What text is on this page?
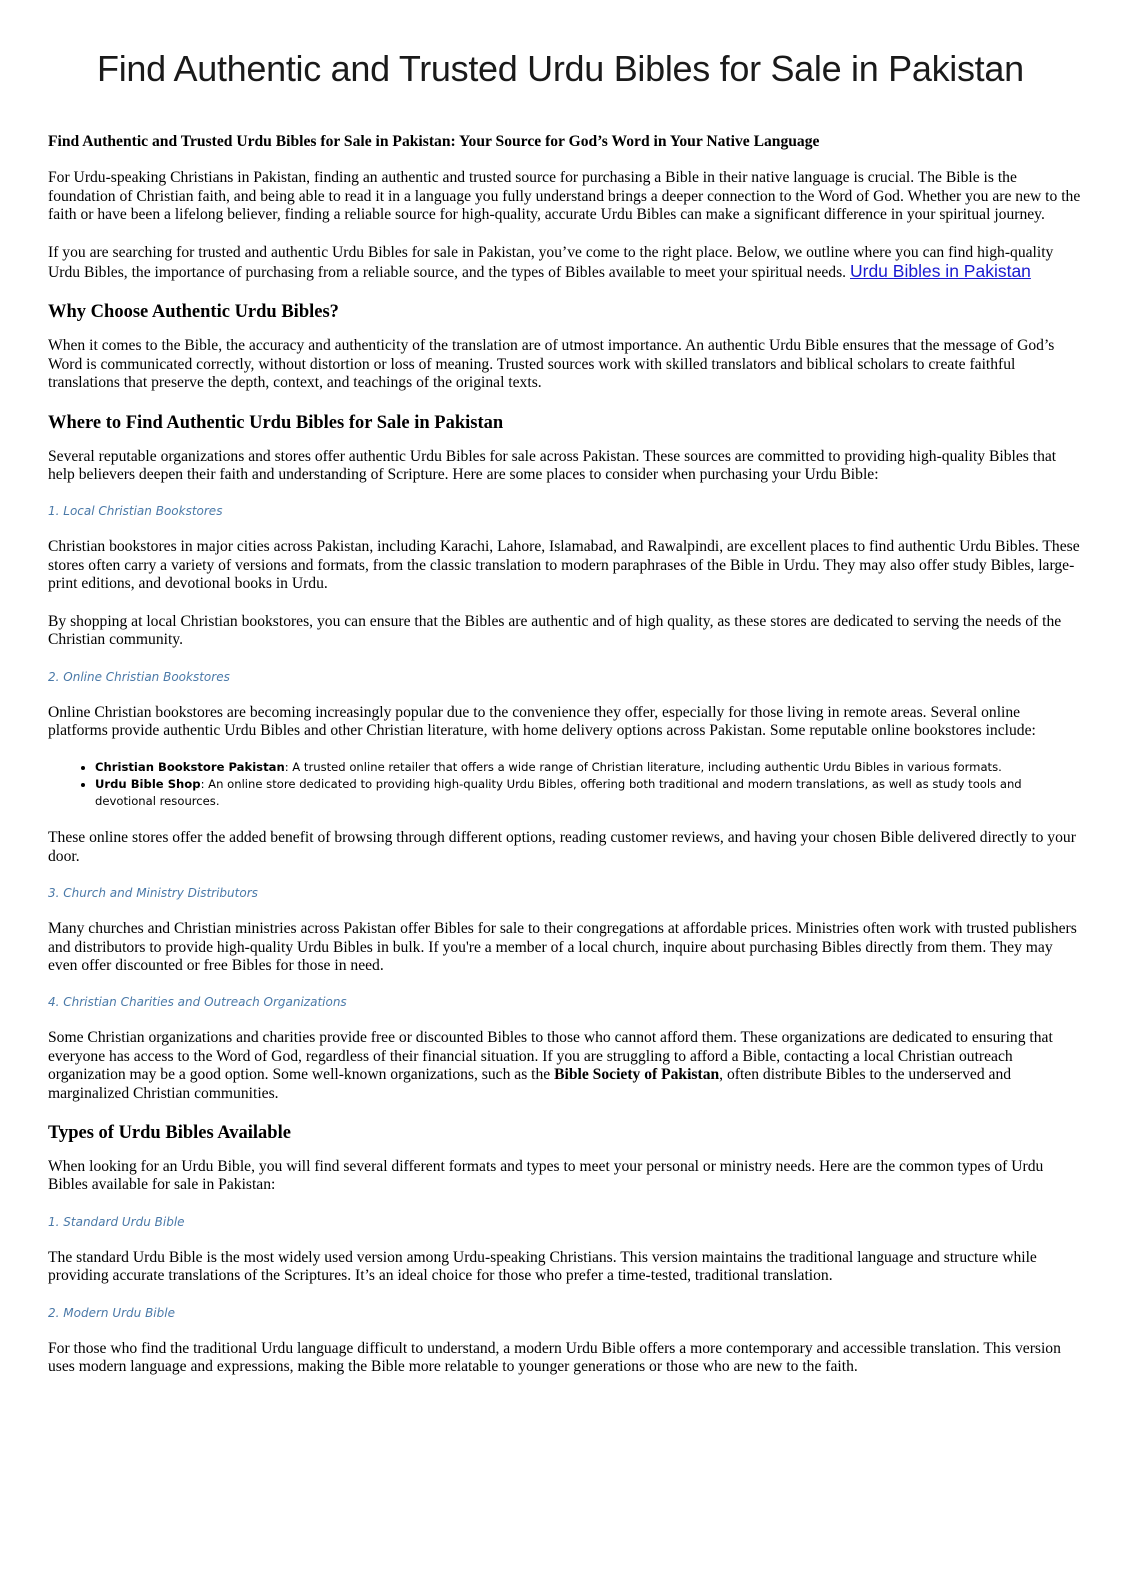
Find Authentic and Trusted Urdu Bibles for Sale in Pakistan

Find Authentic and Trusted Urdu Bibles for Sale in Pakistan: Your Source for God’s Word in Your Native Language

For Urdu-speaking Christians in Pakistan, finding an authentic and trusted source for purchasing a Bible in their native language is crucial. The Bible is the foundation of Christian faith, and being able to read it in a language you fully understand brings a deeper connection to the Word of God. Whether you are new to the faith or have been a lifelong believer, finding a reliable source for high-quality, accurate Urdu Bibles can make a significant difference in your spiritual journey.

If you are searching for trusted and authentic Urdu Bibles for sale in Pakistan, you’ve come to the right place. Below, we outline where you can find high-quality Urdu Bibles, the importance of purchasing from a reliable source, and the types of Bibles available to meet your spiritual needs. Urdu Bibles in Pakistan

Why Choose Authentic Urdu Bibles?

When it comes to the Bible, the accuracy and authenticity of the translation are of utmost importance. An authentic Urdu Bible ensures that the message of God’s Word is communicated correctly, without distortion or loss of meaning. Trusted sources work with skilled translators and biblical scholars to create faithful translations that preserve the depth, context, and teachings of the original texts.

Where to Find Authentic Urdu Bibles for Sale in Pakistan

Several reputable organizations and stores offer authentic Urdu Bibles for sale across Pakistan. These sources are committed to providing high-quality Bibles that help believers deepen their faith and understanding of Scripture. Here are some places to consider when purchasing your Urdu Bible:

1. Local Christian Bookstores

Christian bookstores in major cities across Pakistan, including Karachi, Lahore, Islamabad, and Rawalpindi, are excellent places to find authentic Urdu Bibles. These stores often carry a variety of versions and formats, from the classic translation to modern paraphrases of the Bible in Urdu. They may also offer study Bibles, large-print editions, and devotional books in Urdu.

By shopping at local Christian bookstores, you can ensure that the Bibles are authentic and of high quality, as these stores are dedicated to serving the needs of the Christian community.

2. Online Christian Bookstores

Online Christian bookstores are becoming increasingly popular due to the convenience they offer, especially for those living in remote areas. Several online platforms provide authentic Urdu Bibles and other Christian literature, with home delivery options across Pakistan. Some reputable online bookstores include:

• Christian Bookstore Pakistan: A trusted online retailer that offers a wide range of Christian literature, including authentic Urdu Bibles in various formats.
• Urdu Bible Shop: An online store dedicated to providing high-quality Urdu Bibles, offering both traditional and modern translations, as well as study tools and devotional resources.

These online stores offer the added benefit of browsing through different options, reading customer reviews, and having your chosen Bible delivered directly to your door.

3. Church and Ministry Distributors

Many churches and Christian ministries across Pakistan offer Bibles for sale to their congregations at affordable prices. Ministries often work with trusted publishers and distributors to provide high-quality Urdu Bibles in bulk. If you're a member of a local church, inquire about purchasing Bibles directly from them. They may even offer discounted or free Bibles for those in need.

4. Christian Charities and Outreach Organizations

Some Christian organizations and charities provide free or discounted Bibles to those who cannot afford them. These organizations are dedicated to ensuring that everyone has access to the Word of God, regardless of their financial situation. If you are struggling to afford a Bible, contacting a local Christian outreach organization may be a good option. Some well-known organizations, such as the Bible Society of Pakistan, often distribute Bibles to the underserved and marginalized Christian communities.

Types of Urdu Bibles Available

When looking for an Urdu Bible, you will find several different formats and types to meet your personal or ministry needs. Here are the common types of Urdu Bibles available for sale in Pakistan:

1. Standard Urdu Bible

The standard Urdu Bible is the most widely used version among Urdu-speaking Christians. This version maintains the traditional language and structure while providing accurate translations of the Scriptures. It’s an ideal choice for those who prefer a time-tested, traditional translation.

2. Modern Urdu Bible

For those who find the traditional Urdu language difficult to understand, a modern Urdu Bible offers a more contemporary and accessible translation. This version uses modern language and expressions, making the Bible more relatable to younger generations or those who are new to the faith.
